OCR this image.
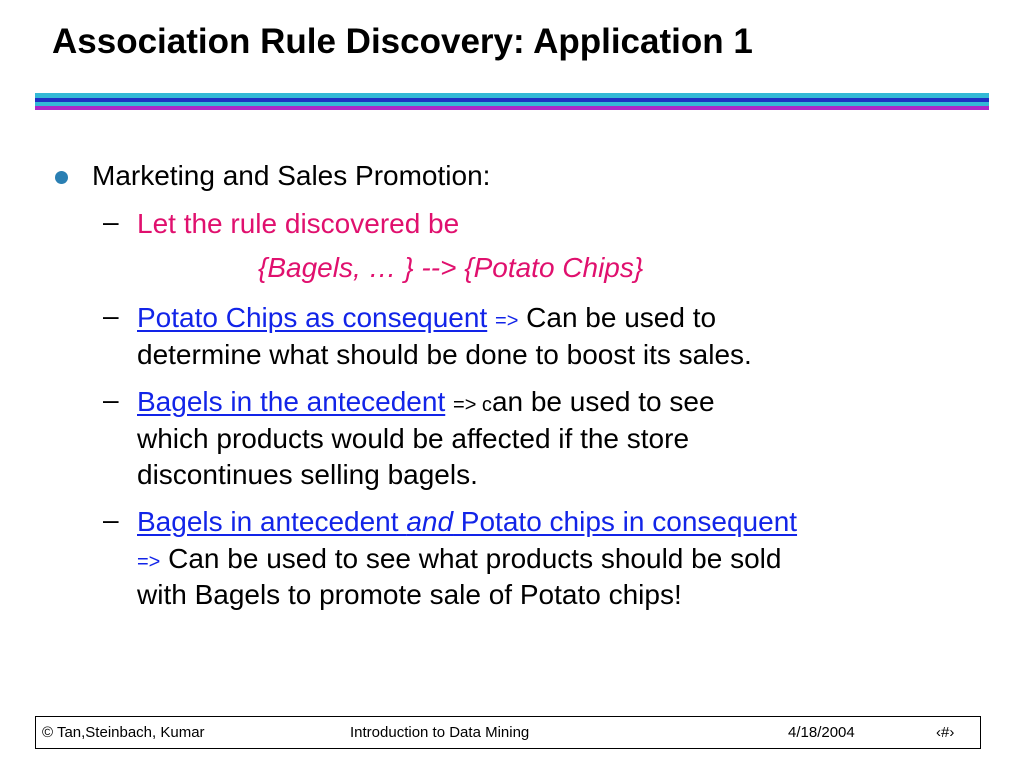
Association Rule Discovery: Application 1
Marketing and Sales Promotion:
– Let the rule discovered be
{Bagels, … } --> {Potato Chips}
– Potato Chips as consequent => Can be used to
determine what should be done to boost its sales.
– Bagels in the antecedent => can be used to see
which products would be affected if the store
discontinues selling bagels.
– Bagels in antecedent and Potato chips in consequent
=> Can be used to see what products should be sold
with Bagels to promote sale of Potato chips!
© Tan,Steinbach, Kumar	Introduction to Data Mining	4/18/2004	‹#›
